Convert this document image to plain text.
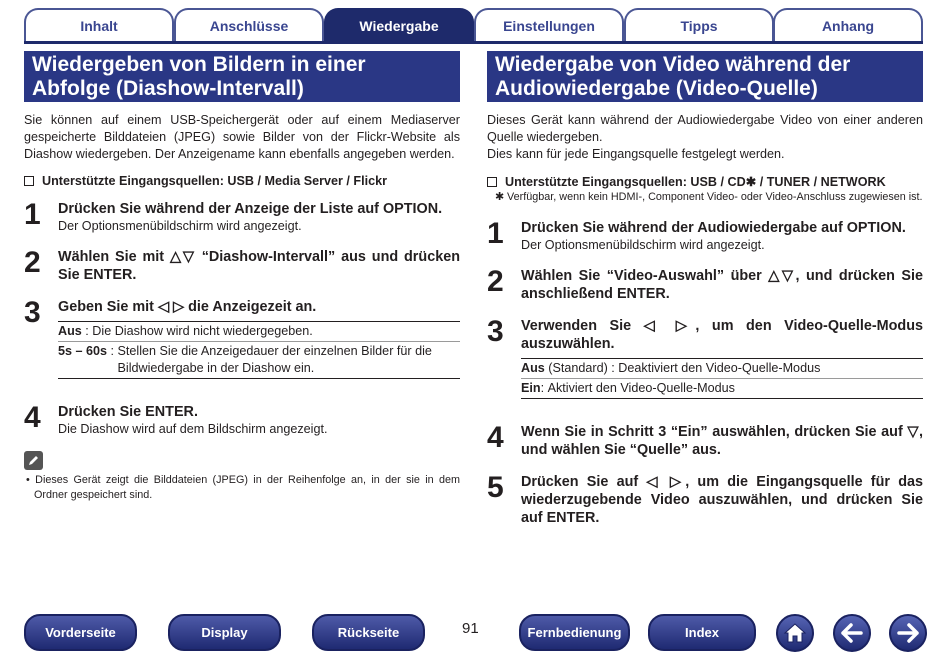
Inhalt	Anschlüsse	Wiedergabe	Einstellungen	Tipps	Anhang
Wiedergeben von Bildern in einer
Abfolge (Diashow-Intervall)
Sie können auf einem USB-Speichergerät oder auf einem Mediaserver gespeicherte Bilddateien (JPEG) sowie Bilder von der Flickr-Website als Diashow wiedergeben. Der Anzeigename kann ebenfalls angegeben werden.
Unterstützte Eingangsquellen: USB / Media Server / Flickr
1 Drücken Sie während der Anzeige der Liste auf OPTION.
Der Optionsmenübildschirm wird angezeigt.
2 Wählen Sie mit △▽ “Diashow-Intervall” aus und drücken Sie ENTER.
3 Geben Sie mit ◁ ▷ die Anzeigezeit an.
Aus : Die Diashow wird nicht wiedergegeben.
5s – 60s : Stellen Sie die Anzeigedauer der einzelnen Bilder für die Bildwiedergabe in der Diashow ein.
4 Drücken Sie ENTER.
Die Diashow wird auf dem Bildschirm angezeigt.
• Dieses Gerät zeigt die Bilddateien (JPEG) in der Reihenfolge an, in der sie in dem Ordner gespeichert sind.
Wiedergabe von Video während der
Audiowiedergabe (Video-Quelle)
Dieses Gerät kann während der Audiowiedergabe Video von einer anderen Quelle wiedergeben.
Dies kann für jede Eingangsquelle festgelegt werden.
Unterstützte Eingangsquellen: USB / CD✱ / TUNER / NETWORK
✱ Verfügbar, wenn kein HDMI-, Component Video- oder Video-Anschluss zugewiesen ist.
1 Drücken Sie während der Audiowiedergabe auf OPTION.
Der Optionsmenübildschirm wird angezeigt.
2 Wählen Sie “Video-Auswahl” über △▽, und drücken Sie anschließend ENTER.
3 Verwenden Sie ◁ ▷, um den Video-Quelle-Modus auszuwählen.
Aus (Standard) : Deaktiviert den Video-Quelle-Modus
Ein : Aktiviert den Video-Quelle-Modus
4 Wenn Sie in Schritt 3 “Ein” auswählen, drücken Sie auf ▽, und wählen Sie “Quelle” aus.
5 Drücken Sie auf ◁ ▷, um die Eingangsquelle für das wiederzugebende Video auszuwählen, und drücken Sie auf ENTER.
Vorderseite	Display	Rückseite	91	Fernbedienung	Index
